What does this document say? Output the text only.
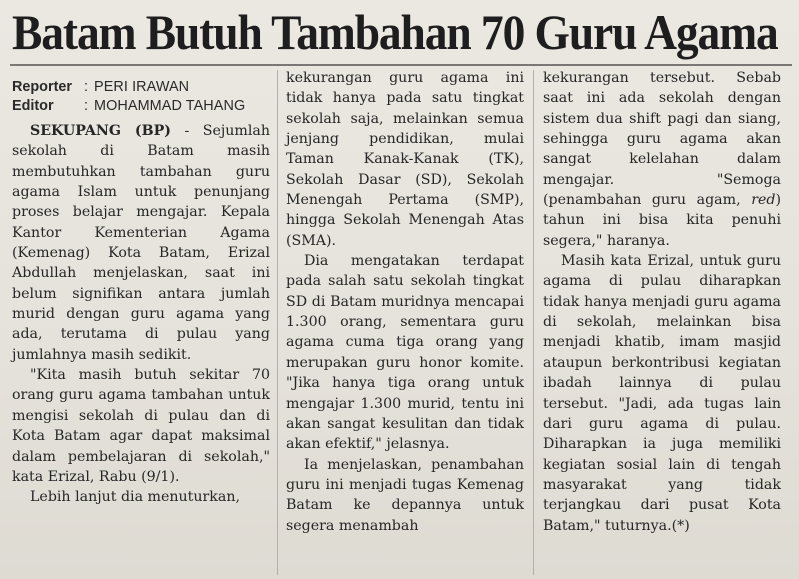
Batam Butuh Tambahan 70 Guru Agama
Reporter : PERI IRAWAN
Editor	: MOHAMMAD TAHANG

SEKUPANG (BP) - Sejumlah sekolah di Batam masih membutuhkan tambahan guru agama Islam untuk penunjang proses belajar mengajar. Kepala Kantor Kementerian Agama (Kemenag) Kota Batam, Erizal Abdullah menjelaskan, saat ini belum signifikan antara jumlah murid dengan guru agama yang ada, terutama di pulau yang jumlahnya masih sedikit.

"Kita masih butuh sekitar 70 orang guru agama tambahan untuk mengisi sekolah di pulau dan di Kota Batam agar dapat maksimal dalam pembelajaran di sekolah," kata Erizal, Rabu (9/1).

Lebih lanjut dia menuturkan,

kekurangan guru agama ini tidak hanya pada satu tingkat sekolah saja, melainkan semua jenjang pendidikan, mulai Taman Kanak-Kanak (TK), Sekolah Dasar (SD), Sekolah Menengah Pertama (SMP), hingga Sekolah Menengah Atas (SMA).

Dia mengatakan terdapat pada salah satu sekolah tingkat SD di Batam muridnya mencapai 1.300 orang, sementara guru agama cuma tiga orang yang merupakan guru honor komite. "Jika hanya tiga orang untuk mengajar 1.300 murid, tentu ini akan sangat kesulitan dan tidak akan efektif," jelasnya.

Ia menjelaskan, penambahan guru ini menjadi tugas Kemenag Batam ke depannya untuk segera menambah

kekurangan tersebut. Sebab saat ini ada sekolah dengan sistem dua shift pagi dan siang, sehingga guru agama akan sangat kelelahan dalam mengajar. "Semoga (penambahan guru agam, red) tahun ini bisa kita penuhi segera," haranya.

Masih kata Erizal, untuk guru agama di pulau diharapkan tidak hanya menjadi guru agama di sekolah, melainkan bisa menjadi khatib, imam masjid ataupun berkontribusi kegiatan ibadah lainnya di pulau tersebut. "Jadi, ada tugas lain dari guru agama di pulau. Diharapkan ia juga memiliki kegiatan sosial lain di tengah masyarakat yang tidak terjangkau dari pusat Kota Batam," tuturnya.(*)
